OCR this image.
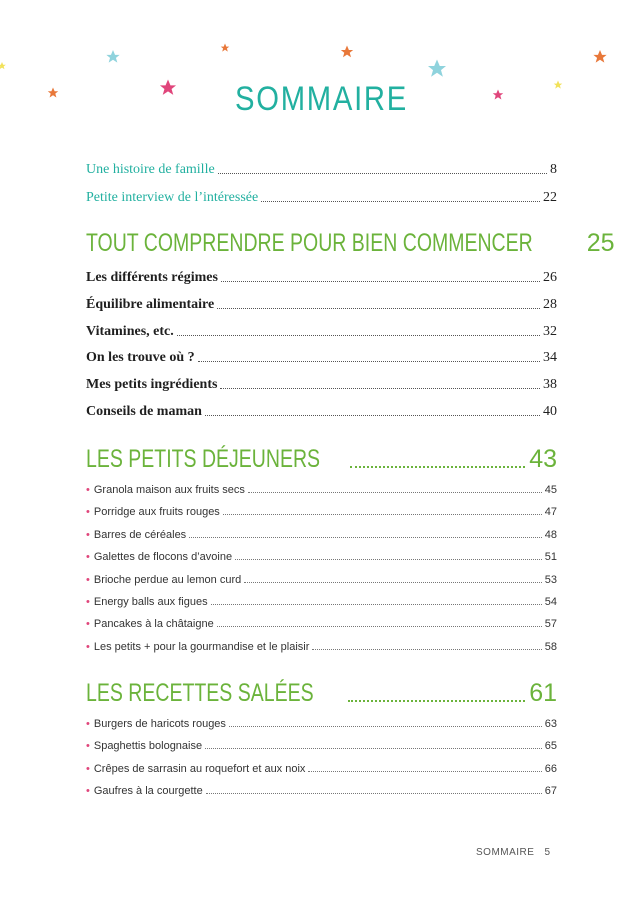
SOMMAIRE
Une histoire de famille	8
Petite interview de l’intéressée	22
TOUT COMPRENDRE POUR BIEN COMMENCER 25
Les différents régimes	26
Équilibre alimentaire	28
Vitamines, etc.	32
On les trouve où ?	34
Mes petits ingrédients	38
Conseils de maman	40
LES PETITS DÉJEUNERS	43
• Granola maison aux fruits secs	45
• Porridge aux fruits rouges	47
• Barres de céréales	48
• Galettes de flocons d’avoine	51
• Brioche perdue au lemon curd	53
• Energy balls aux figues	54
• Pancakes à la châtaigne	57
• Les petits + pour la gourmandise et le plaisir	58
LES RECETTES SALÉES	61
• Burgers de haricots rouges	63
• Spaghettis bolognaise	65
• Crêpes de sarrasin au roquefort et aux noix	66
• Gaufres à la courgette	67
SOMMAIRE 5
